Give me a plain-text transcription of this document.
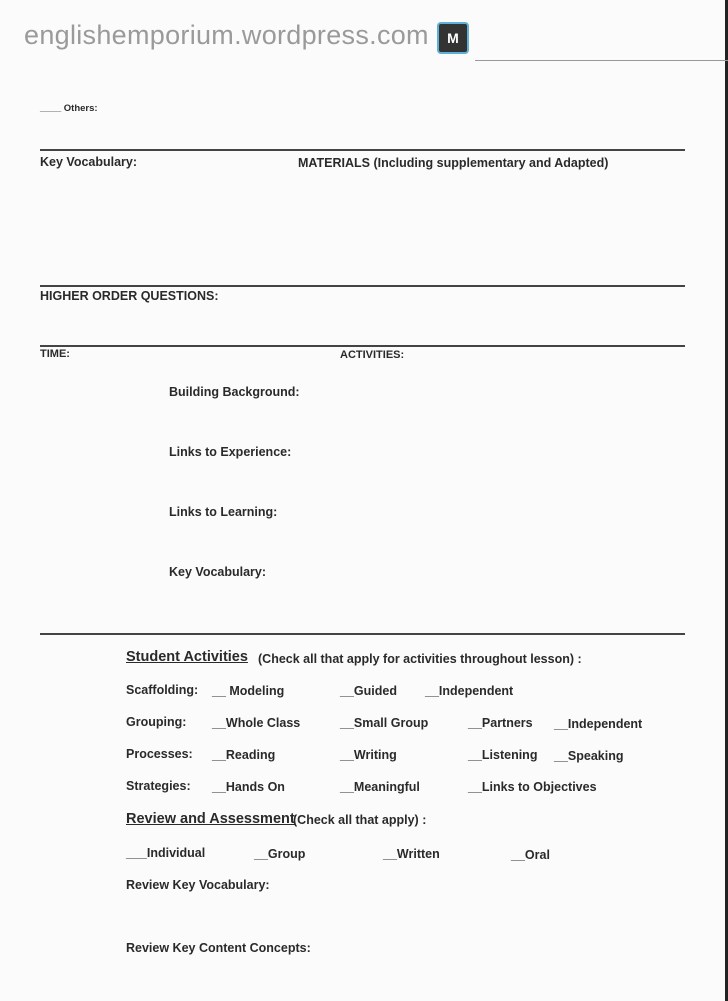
englishemporium.wordpress.com	M
____ Others:
Key Vocabulary:	MATERIALS (Including supplementary and Adapted)
HIGHER ORDER QUESTIONS:
TIME:	ACTIVITIES:
Building Background:
Links to Experience:
Links to Learning:
Key Vocabulary:
Student Activities (Check all that apply for activities throughout lesson) :
Scaffolding: __ Modeling	__Guided __Independent
Grouping: __Whole Class	__Small Group	__Partners __Independent
Processes: __Reading	__Writing	__Listening __Speaking
Strategies: __Hands On	__Meaningful	__Links to Objectives
Review and Assessment
(Check all that apply) :
___Individual	__Group	__Written	__Oral
Review Key Vocabulary:
Review Key Content Concepts:
